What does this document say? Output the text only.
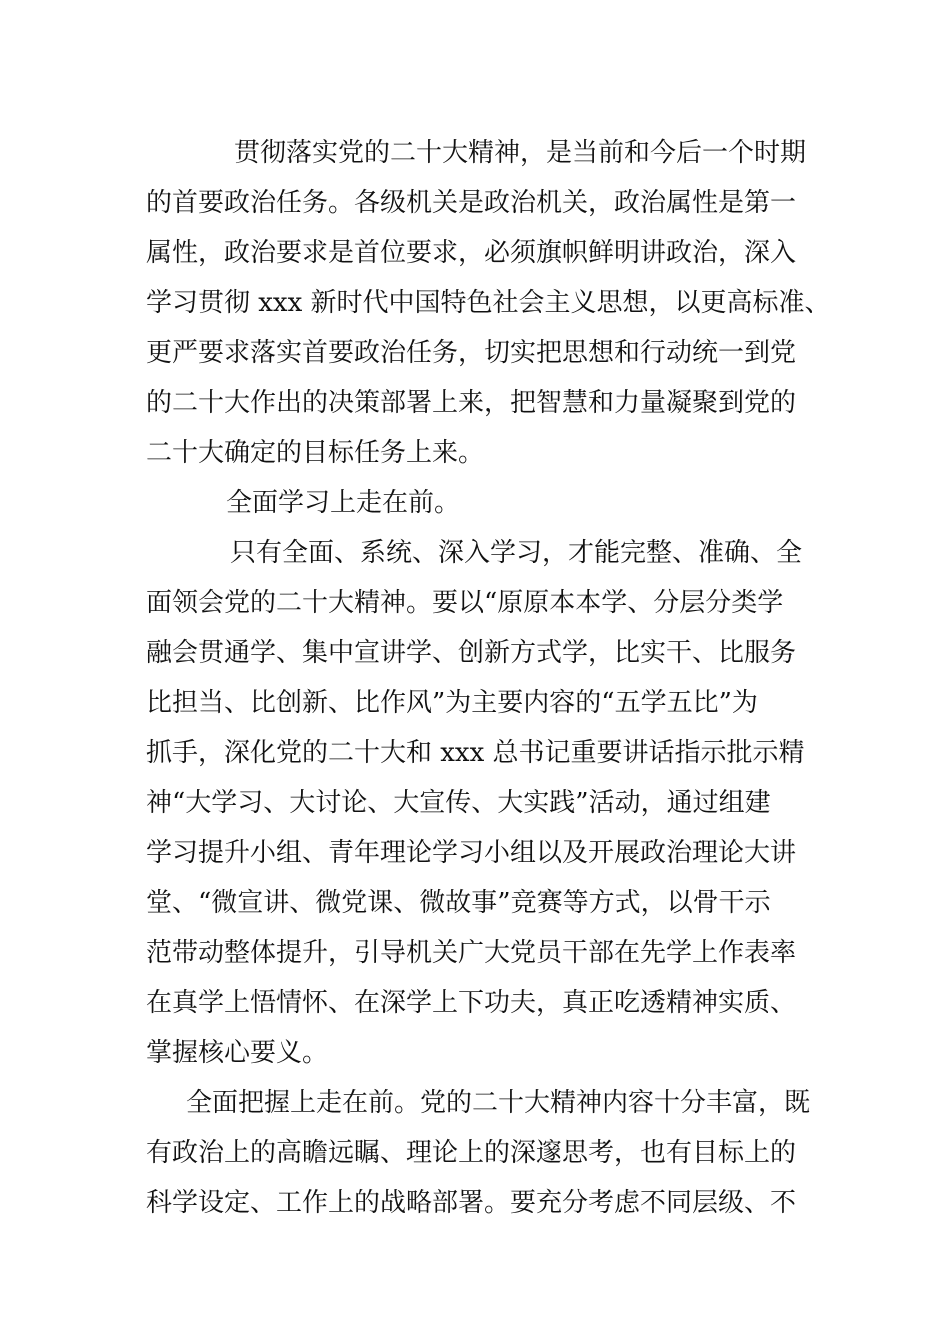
贯彻落实党的二十大精神，是当前和今后一个时期
的首要政治任务。各级机关是政治机关，政治属性是第一
属性，政治要求是首位要求，必须旗帜鲜明讲政治，深入
学习贯彻 xxx 新时代中国特色社会主义思想，以更高标准、
更严要求落实首要政治任务，切实把思想和行动统一到党
的二十大作出的决策部署上来，把智慧和力量凝聚到党的
二十大确定的目标任务上来。
全面学习上走在前。
只有全面、系统、深入学习，才能完整、准确、全
面领会党的二十大精神。要以“原原本本学、分层分类学
融会贯通学、集中宣讲学、创新方式学，比实干、比服务
比担当、比创新、比作风”为主要内容的“五学五比”为
抓手，深化党的二十大和 xxx 总书记重要讲话指示批示精
神“大学习、大讨论、大宣传、大实践”活动，通过组建
学习提升小组、青年理论学习小组以及开展政治理论大讲
堂、“微宣讲、微党课、微故事”竞赛等方式，以骨干示
范带动整体提升，引导机关广大党员干部在先学上作表率
在真学上悟情怀、在深学上下功夫，真正吃透精神实质、
掌握核心要义。
全面把握上走在前。党的二十大精神内容十分丰富，既
有政治上的高瞻远瞩、理论上的深邃思考，也有目标上的
科学设定、工作上的战略部署。要充分考虑不同层级、不
